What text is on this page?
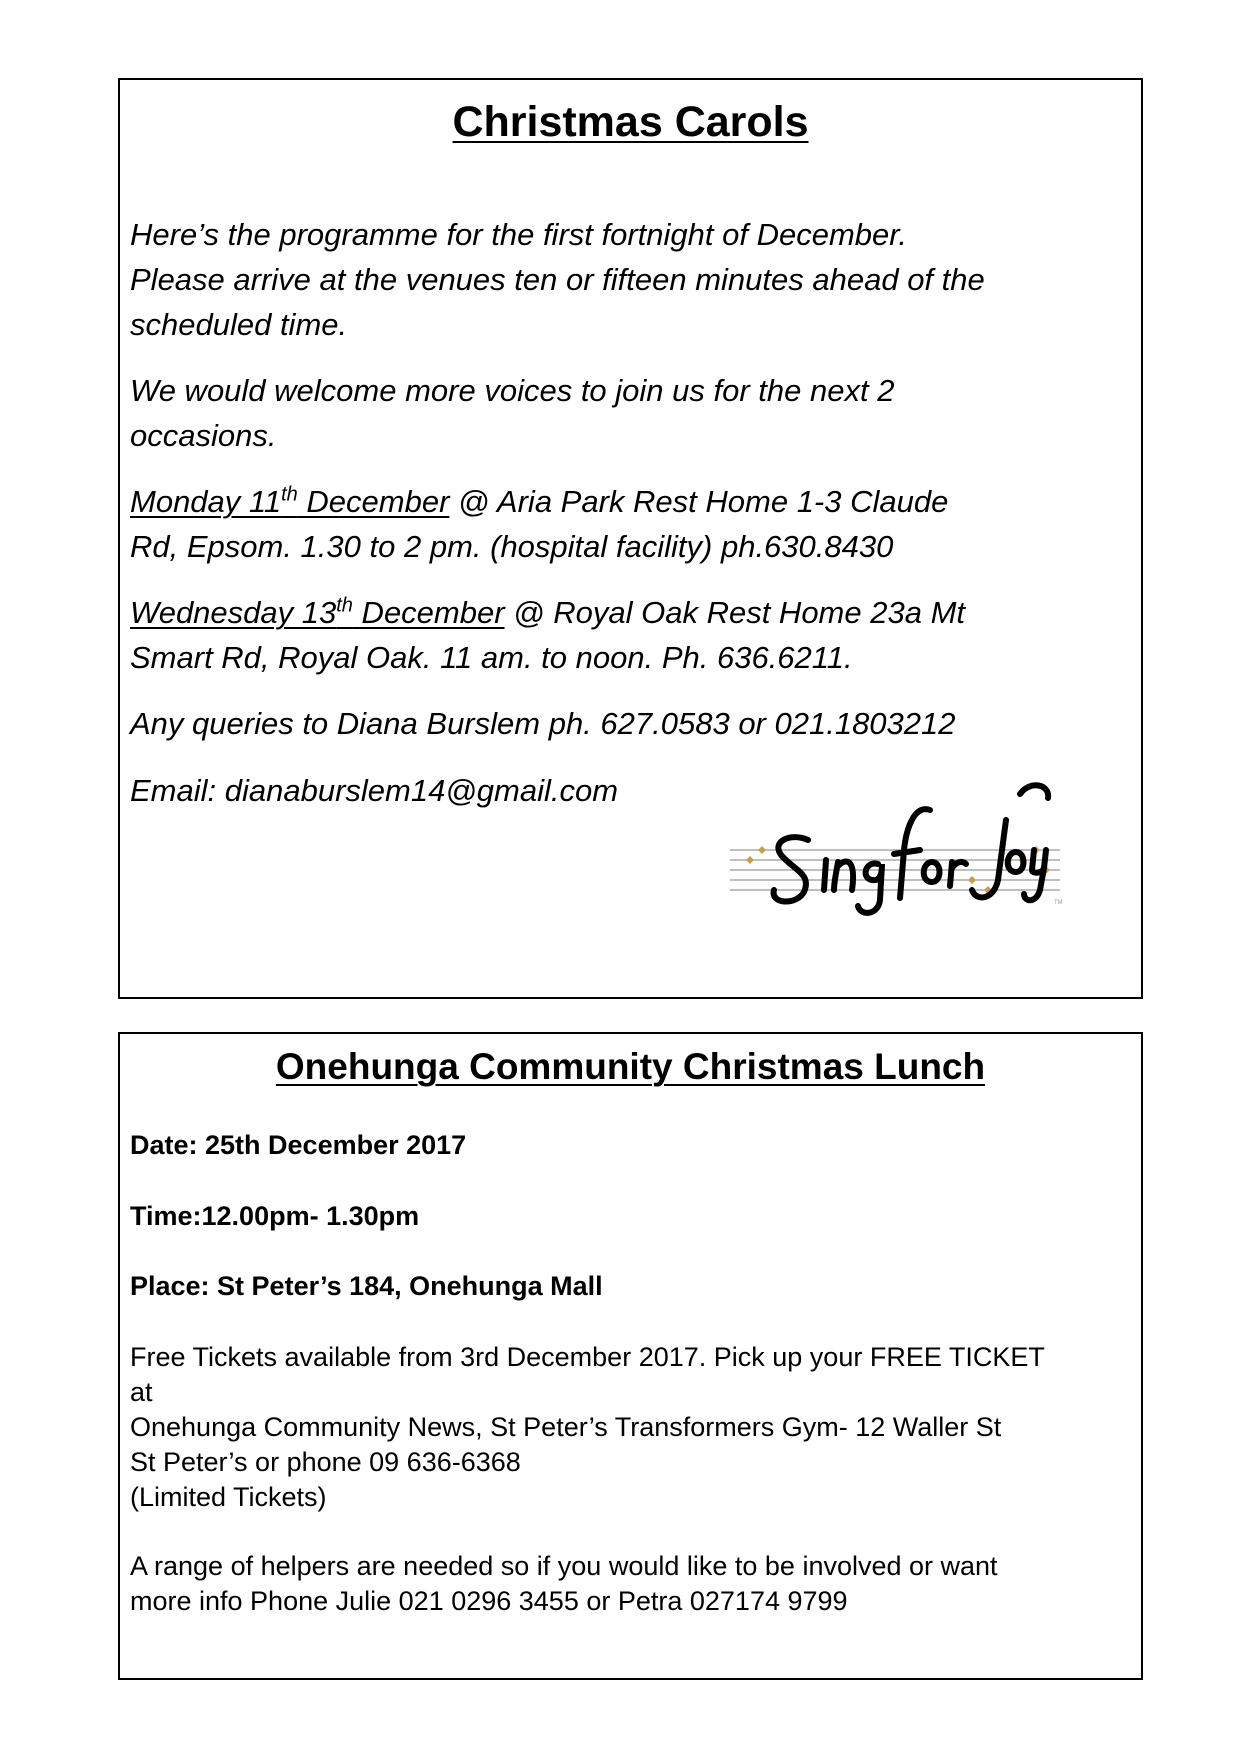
Christmas Carols

Here’s the programme for the first fortnight of December.
Please arrive at the venues ten or fifteen minutes ahead of the
scheduled time.

We would welcome more voices to join us for the next 2
occasions.

Monday 11th December @ Aria Park Rest Home 1-3 Claude
Rd, Epsom. 1.30 to 2 pm. (hospital facility) ph.630.8430

Wednesday 13th December @ Royal Oak Rest Home 23a Mt
Smart Rd, Royal Oak. 11 am. to noon. Ph. 636.6211.

Any queries to Diana Burslem ph. 627.0583 or 021.1803212

Email: dianaburslem14@gmail.com

TM
Onehunga Community Christmas Lunch

Date: 25th December 2017

Time:12.00pm- 1.30pm

Place: St Peter’s 184, Onehunga Mall

Free Tickets available from 3rd December 2017. Pick up your FREE TICKET
at
Onehunga Community News, St Peter’s Transformers Gym- 12 Waller St
St Peter’s or phone 09 636-6368
(Limited Tickets)

A range of helpers are needed so if you would like to be involved or want
more info Phone Julie 021 0296 3455 or Petra 027174 9799
